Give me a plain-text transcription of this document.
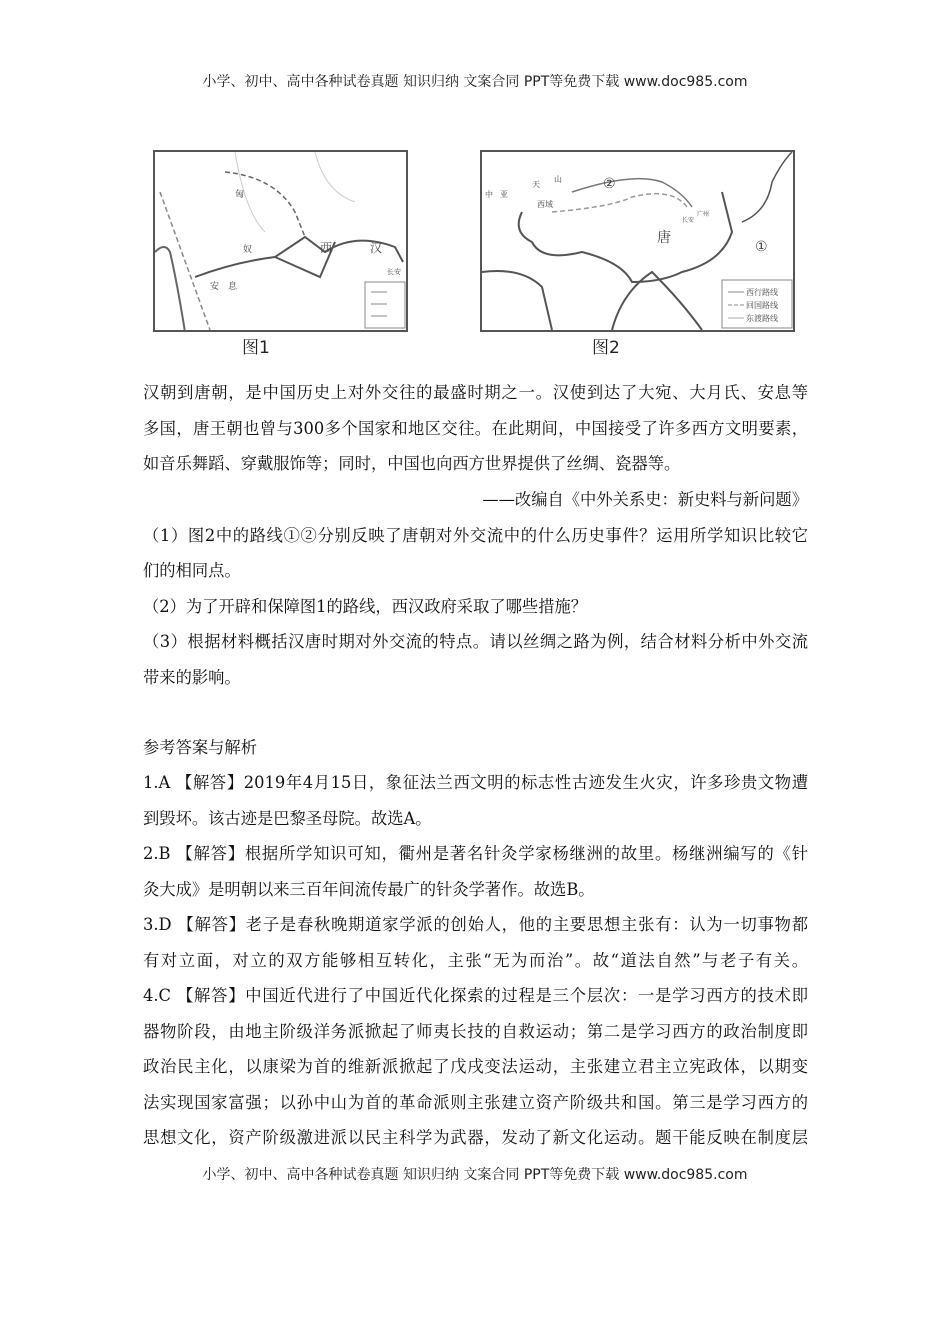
小学、初中、高中各种试卷真题 知识归纳 文案合同 PPT等免费下载 www.doc985.com
匈
奴	西	汉
长安
安 息
图1
西行路线
回国路线
东渡路线
唐
中 亚
天
山
西域
长安
广州
①
②
图2
汉朝到唐朝，是中国历史上对外交往的最盛时期之一。汉使到达了大宛、大月氏、安息等
多国，唐王朝也曾与300多个国家和地区交往。在此期间，中国接受了许多西方文明要素，
如音乐舞蹈、穿戴服饰等；同时，中国也向西方世界提供了丝绸、瓷器等。
——改编自《中外关系史：新史料与新问题》
（1）图2中的路线①②分别反映了唐朝对外交流中的什么历史事件？运用所学知识比较它
们的相同点。
（2）为了开辟和保障图1的路线，西汉政府采取了哪些措施？
（3）根据材料概括汉唐时期对外交流的特点。请以丝绸之路为例，结合材料分析中外交流
带来的影响。
参考答案与解析
1.A 【解答】2019年4月15日，象征法兰西文明的标志性古迹发生火灾，许多珍贵文物遭
到毁坏。该古迹是巴黎圣母院。故选A。
2.B 【解答】根据所学知识可知，衢州是著名针灸学家杨继洲的故里。杨继洲编写的《针
灸大成》是明朝以来三百年间流传最广的针灸学著作。故选B。
3.D 【解答】老子是春秋晚期道家学派的创始人，他的主要思想主张有：认为一切事物都
有对立面，对立的双方能够相互转化，主张“无为而治”。故“道法自然”与老子有关。
4.C 【解答】中国近代进行了中国近代化探索的过程是三个层次：一是学习西方的技术即
器物阶段，由地主阶级洋务派掀起了师夷长技的自救运动；第二是学习西方的政治制度即
政治民主化，以康梁为首的维新派掀起了戊戌变法运动，主张建立君主立宪政体，以期变
法实现国家富强；以孙中山为首的革命派则主张建立资产阶级共和国。第三是学习西方的
思想文化，资产阶级激进派以民主科学为武器，发动了新文化运动。题干能反映在制度层
小学、初中、高中各种试卷真题 知识归纳 文案合同 PPT等免费下载 www.doc985.com
